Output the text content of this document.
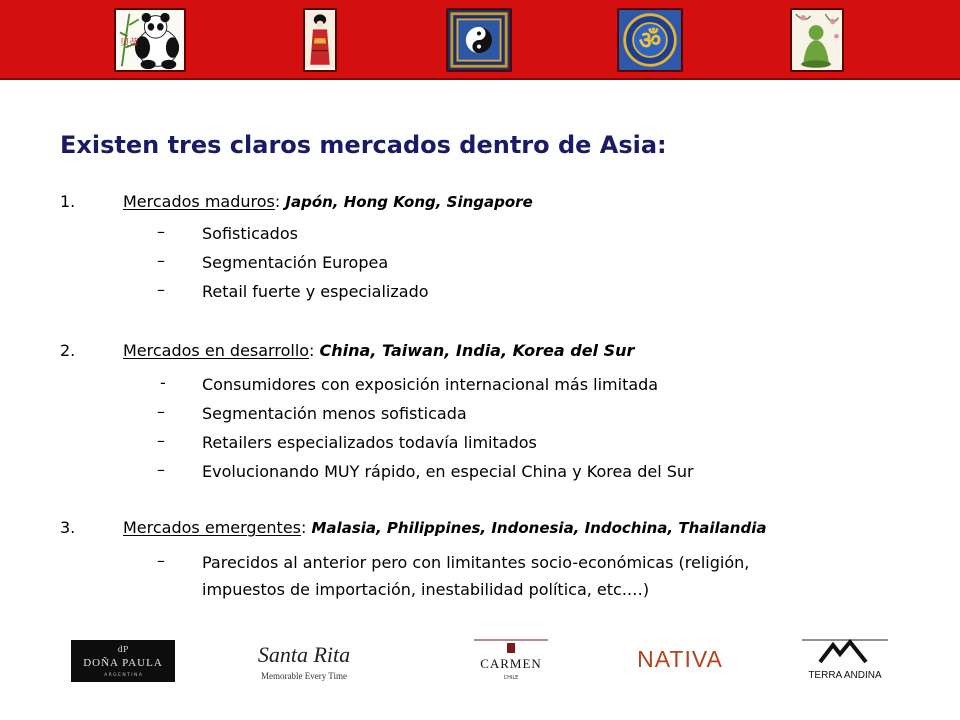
贝蒂	ॐ
Existen tres claros mercados dentro de Asia:
1.	Mercados maduros: Japón, Hong Kong, Singapore
– Sofisticados
– Segmentación Europea
– Retail fuerte y especializado
2.	Mercados en desarrollo: China, Taiwan, India, Korea del Sur
- Consumidores con exposición internacional más limitada
– Segmentación menos sofisticada
– Retailers especializados todavía limitados
– Evolucionando MUY rápido, en especial China y Korea del Sur
3.	Mercados emergentes: Malasia, Philippines, Indonesia, Indochina, Thailandia
– Parecidos al anterior pero con limitantes socio-económicas (religión,
impuestos de importación, inestabilidad política, etc.…)
dP
DOÑA PAULA
A R G E N T I N A
Santa Rita
Memorable Every Time
CARMEN
CHILE
NATIVA
TERRA ANDINA
